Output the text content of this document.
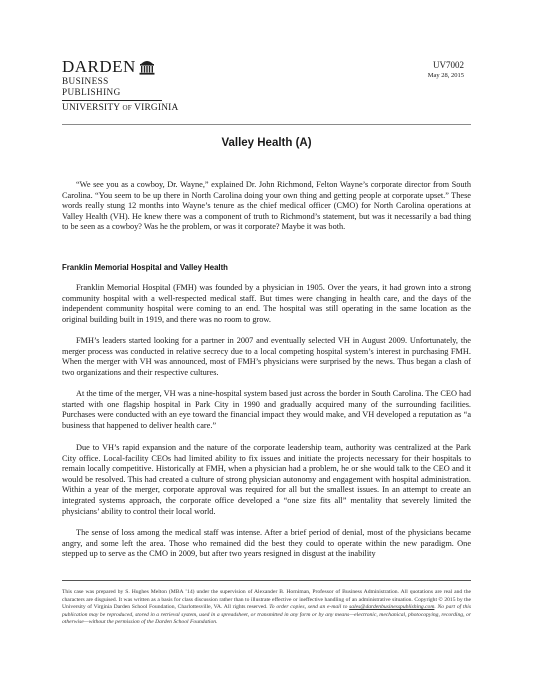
DARDEN
BUSINESS PUBLISHING
UNIVERSITY of VIRGINIA
UV7002
May 28, 2015
Valley Health (A)

“We see you as a cowboy, Dr. Wayne,” explained Dr. John Richmond, Felton Wayne’s corporate director from South Carolina. “You seem to be up there in North Carolina doing your own thing and getting people at corporate upset.” These words really stung 12 months into Wayne’s tenure as the chief medical officer (CMO) for North Carolina operations at Valley Health (VH). He knew there was a component of truth to Richmond’s statement, but was it necessarily a bad thing to be seen as a cowboy? Was he the problem, or was it corporate? Maybe it was both.

Franklin Memorial Hospital and Valley Health

Franklin Memorial Hospital (FMH) was founded by a physician in 1905. Over the years, it had grown into a strong community hospital with a well-respected medical staff. But times were changing in health care, and the days of the independent community hospital were coming to an end. The hospital was still operating in the same location as the original building built in 1919, and there was no room to grow.

FMH’s leaders started looking for a partner in 2007 and eventually selected VH in August 2009. Unfortunately, the merger process was conducted in relative secrecy due to a local competing hospital system’s interest in purchasing FMH. When the merger with VH was announced, most of FMH’s physicians were surprised by the news. Thus began a clash of two organizations and their respective cultures.

At the time of the merger, VH was a nine-hospital system based just across the border in South Carolina. The CEO had started with one flagship hospital in Park City in 1990 and gradually acquired many of the surrounding facilities. Purchases were conducted with an eye toward the financial impact they would make, and VH developed a reputation as “a business that happened to deliver health care.”

Due to VH’s rapid expansion and the nature of the corporate leadership team, authority was centralized at the Park City office. Local-facility CEOs had limited ability to fix issues and initiate the projects necessary for their hospitals to remain locally competitive. Historically at FMH, when a physician had a problem, he or she would talk to the CEO and it would be resolved. This had created a culture of strong physician autonomy and engagement with hospital administration. Within a year of the merger, corporate approval was required for all but the smallest issues. In an attempt to create an integrated systems approach, the corporate office developed a “one size fits all” mentality that severely limited the physicians’ ability to control their local world.

The sense of loss among the medical staff was intense. After a brief period of denial, most of the physicians became angry, and some left the area. Those who remained did the best they could to operate within the new paradigm. One stepped up to serve as the CMO in 2009, but after two years resigned in disgust at the inability

This case was prepared by S. Hughes Melton (MBA ’14) under the supervision of Alexander B. Horniman, Professor of Business Administration. All quotations are real and the characters are disguised. It was written as a basis for class discussion rather than to illustrate effective or ineffective handling of an administrative situation. Copyright © 2015 by the University of Virginia Darden School Foundation, Charlottesville, VA. All rights reserved. To order copies, send an e-mail to sales@dardenbusinesspublishing.com. No part of this publication may be reproduced, stored in a retrieval system, used in a spreadsheet, or transmitted in any form or by any means—electronic, mechanical, photocopying, recording, or otherwise—without the permission of the Darden School Foundation.
